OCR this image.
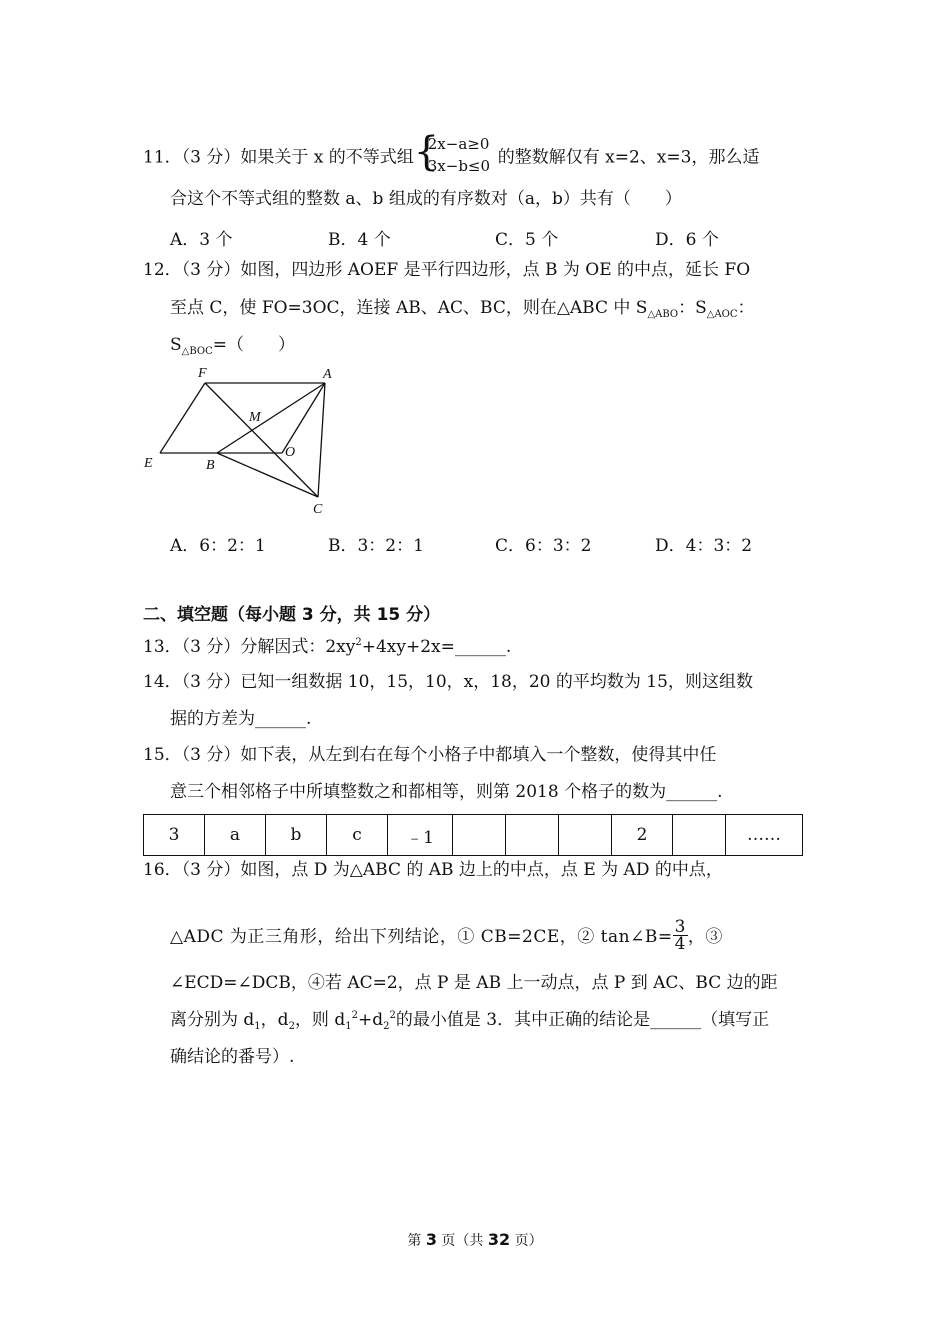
11．（3 分）如果关于 x 的不等式组 {
2x−a≥0
3x−b≤0 的整数解仅有 x=2、x=3，那么适
合这个不等式组的整数 a、b 组成的有序数对（a，b）共有（　　）
A．3 个	B．4 个	C．5 个	D．6 个
12．（3 分）如图，四边形 AOEF 是平行四边形，点 B 为 OE 的中点，延长 FO
至点 C，使 FO=3OC，连接 AB、AC、BC，则在△ABC 中 $S_{\triangle ABO}$：$S_{\triangle AOC}$：
$S_{\triangle BOC}=$（　　）
F	A
M
E	B
O
C
A．6：2：1	B．3：2：1	C．6：3：2	D．4：3：2
二、填空题（每小题 3 分，共 15 分）
13．（3 分）分解因式：$2xy^2+4xy+2x=\_\_\_\_\_\_$.
14．（3 分）已知一组数据 10，15，10，x，18，20 的平均数为 15，则这组数
据的方差为______.
15．（3 分）如下表，从左到右在每个小格子中都填入一个整数，使得其中任
意三个相邻格子中所填整数之和都相等，则第 2018 个格子的数为______.
3	a	b	c	﹣1				2		……
16．（3 分）如图，点 D 为△ABC 的 AB 边上的中点，点 E 为 AD 的中点，
△ADC 为正三角形，给出下列结论，① CB=2CE，② tan∠B= $\frac{3}{4}$ ，③
∠ECD=∠DCB，④若 AC=2，点 P 是 AB 上一动点，点 P 到 AC、BC 边的距
离分别为 $d_1$，$d_2$，则 $d_1^2+d_2^2$的最小值是 3．其中正确的结论是______（填写正
确结论的番号）.
第 3 页（共 32 页）
